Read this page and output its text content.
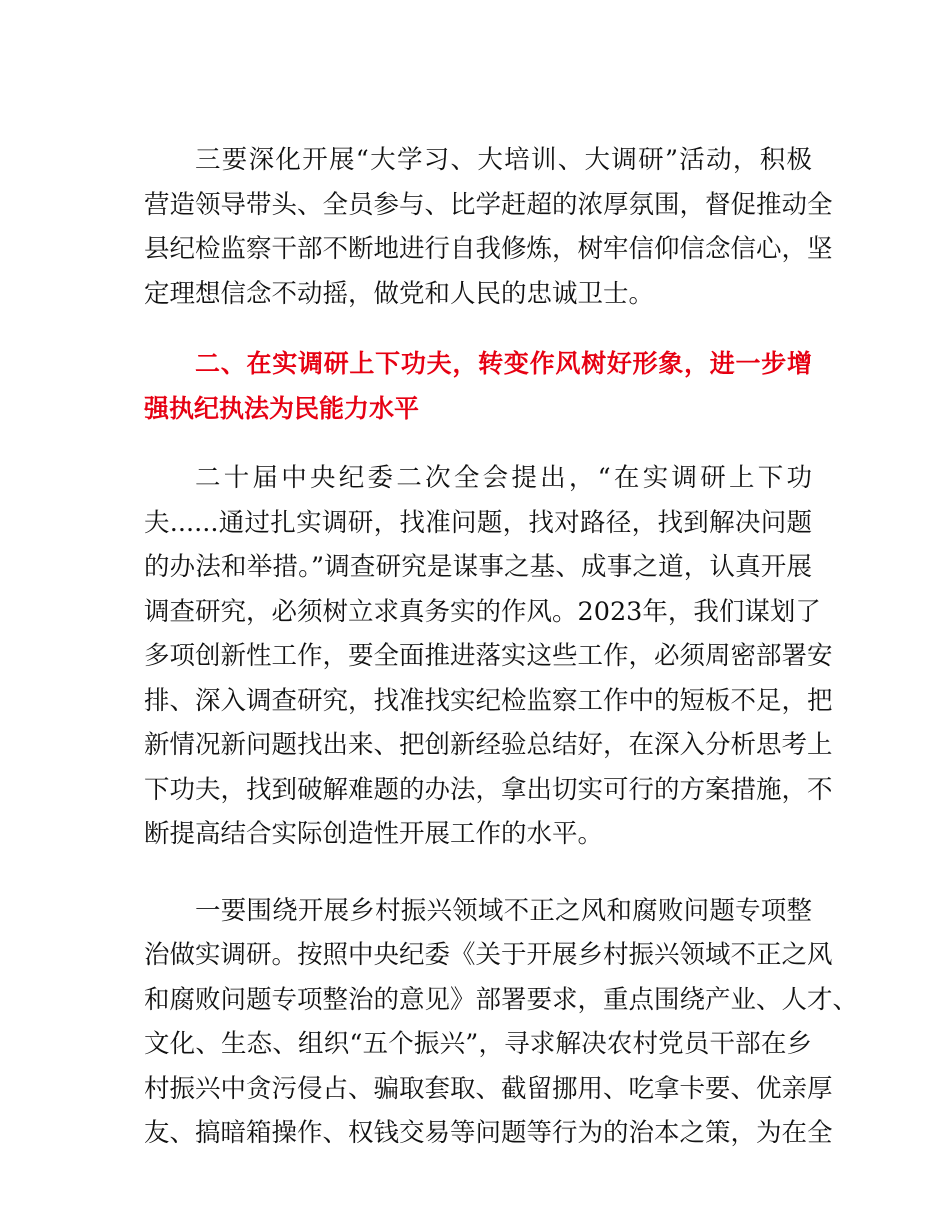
三要深化开展“大学习、大培训、大调研”活动，积极
营造领导带头、全员参与、比学赶超的浓厚氛围，督促推动全
县纪检监察干部不断地进行自我修炼，树牢信仰信念信心，坚
定理想信念不动摇，做党和人民的忠诚卫士。
二、在实调研上下功夫，转变作风树好形象，进一步增
强执纪执法为民能力水平
二十届中央纪委二次全会提出，“在实调研上下功
夫......通过扎实调研，找准问题，找对路径，找到解决问题
的办法和举措。”调查研究是谋事之基、成事之道，认真开展
调查研究，必须树立求真务实的作风。2023年，我们谋划了
多项创新性工作，要全面推进落实这些工作，必须周密部署安
排、深入调查研究，找准找实纪检监察工作中的短板不足，把
新情况新问题找出来、把创新经验总结好，在深入分析思考上
下功夫，找到破解难题的办法，拿出切实可行的方案措施，不
断提高结合实际创造性开展工作的水平。
一要围绕开展乡村振兴领域不正之风和腐败问题专项整
治做实调研。按照中央纪委《关于开展乡村振兴领域不正之风
和腐败问题专项整治的意见》部署要求，重点围绕产业、人才、
文化、生态、组织“五个振兴”，寻求解决农村党员干部在乡
村振兴中贪污侵占、骗取套取、截留挪用、吃拿卡要、优亲厚
友、搞暗箱操作、权钱交易等问题等行为的治本之策，为在全
